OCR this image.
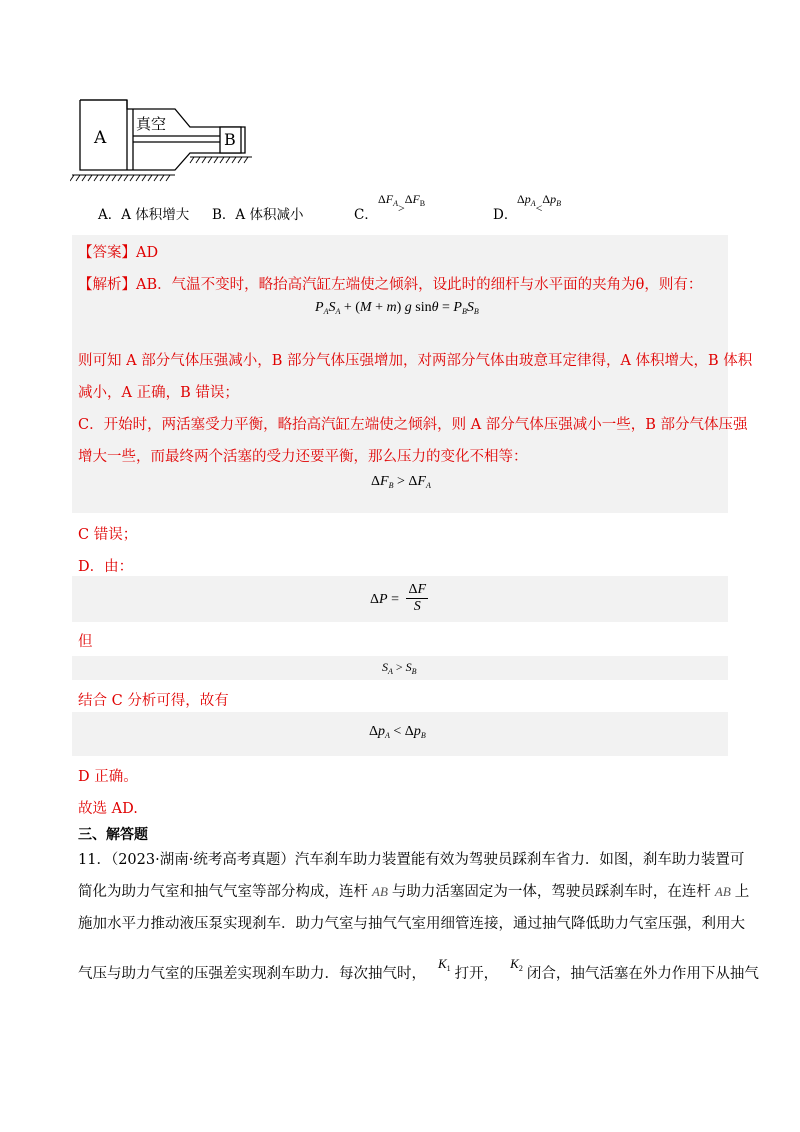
A
真空
B
A．A 体积增大 B．A 体积减小	C．
$\Delta F_A>\Delta F_B$
D．
$\Delta p_A<\Delta p_B$
【答案】AD
【解析】AB．气温不变时，略抬高汽缸左端使之倾斜，设此时的细杆与水平面的夹角为θ，则有：
$P_AS_A + (M + m)$ g $\sin\theta = P_BS_B$
则可知 A 部分气体压强减小，B 部分气体压强增加，对两部分气体由玻意耳定律得，A 体积增大，B 体积
减小，A 正确，B 错误；
C．开始时，两活塞受力平衡，略抬高汽缸左端使之倾斜，则 A 部分气体压强减小一些，B 部分气体压强
增大一些，而最终两个活塞的受力还要平衡，那么压力的变化不相等：
$\Delta F_B > \Delta F_A$
C 错误；
D．由：
$\Delta P = \frac{\Delta F}{S}$
但
$S_A > S_B$
结合 C 分析可得，故有
$\Delta p_A < \Delta p_B$
D 正确。
故选 AD.
三、解答题
11．（2023·湖南·统考高考真题）汽车刹车助力装置能有效为驾驶员踩刹车省力．如图，刹车助力装置可
简化为助力气室和抽气气室等部分构成，连杆 AB 与助力活塞固定为一体，驾驶员踩刹车时，在连杆 AB 上
施加水平力推动液压泵实现刹车．助力气室与抽气气室用细管连接，通过抽气降低助力气室压强，利用大
气压与助力气室的压强差实现刹车助力．每次抽气时，$K_1$ 打开，$K_2$ 闭合，抽气活塞在外力作用下从抽气
